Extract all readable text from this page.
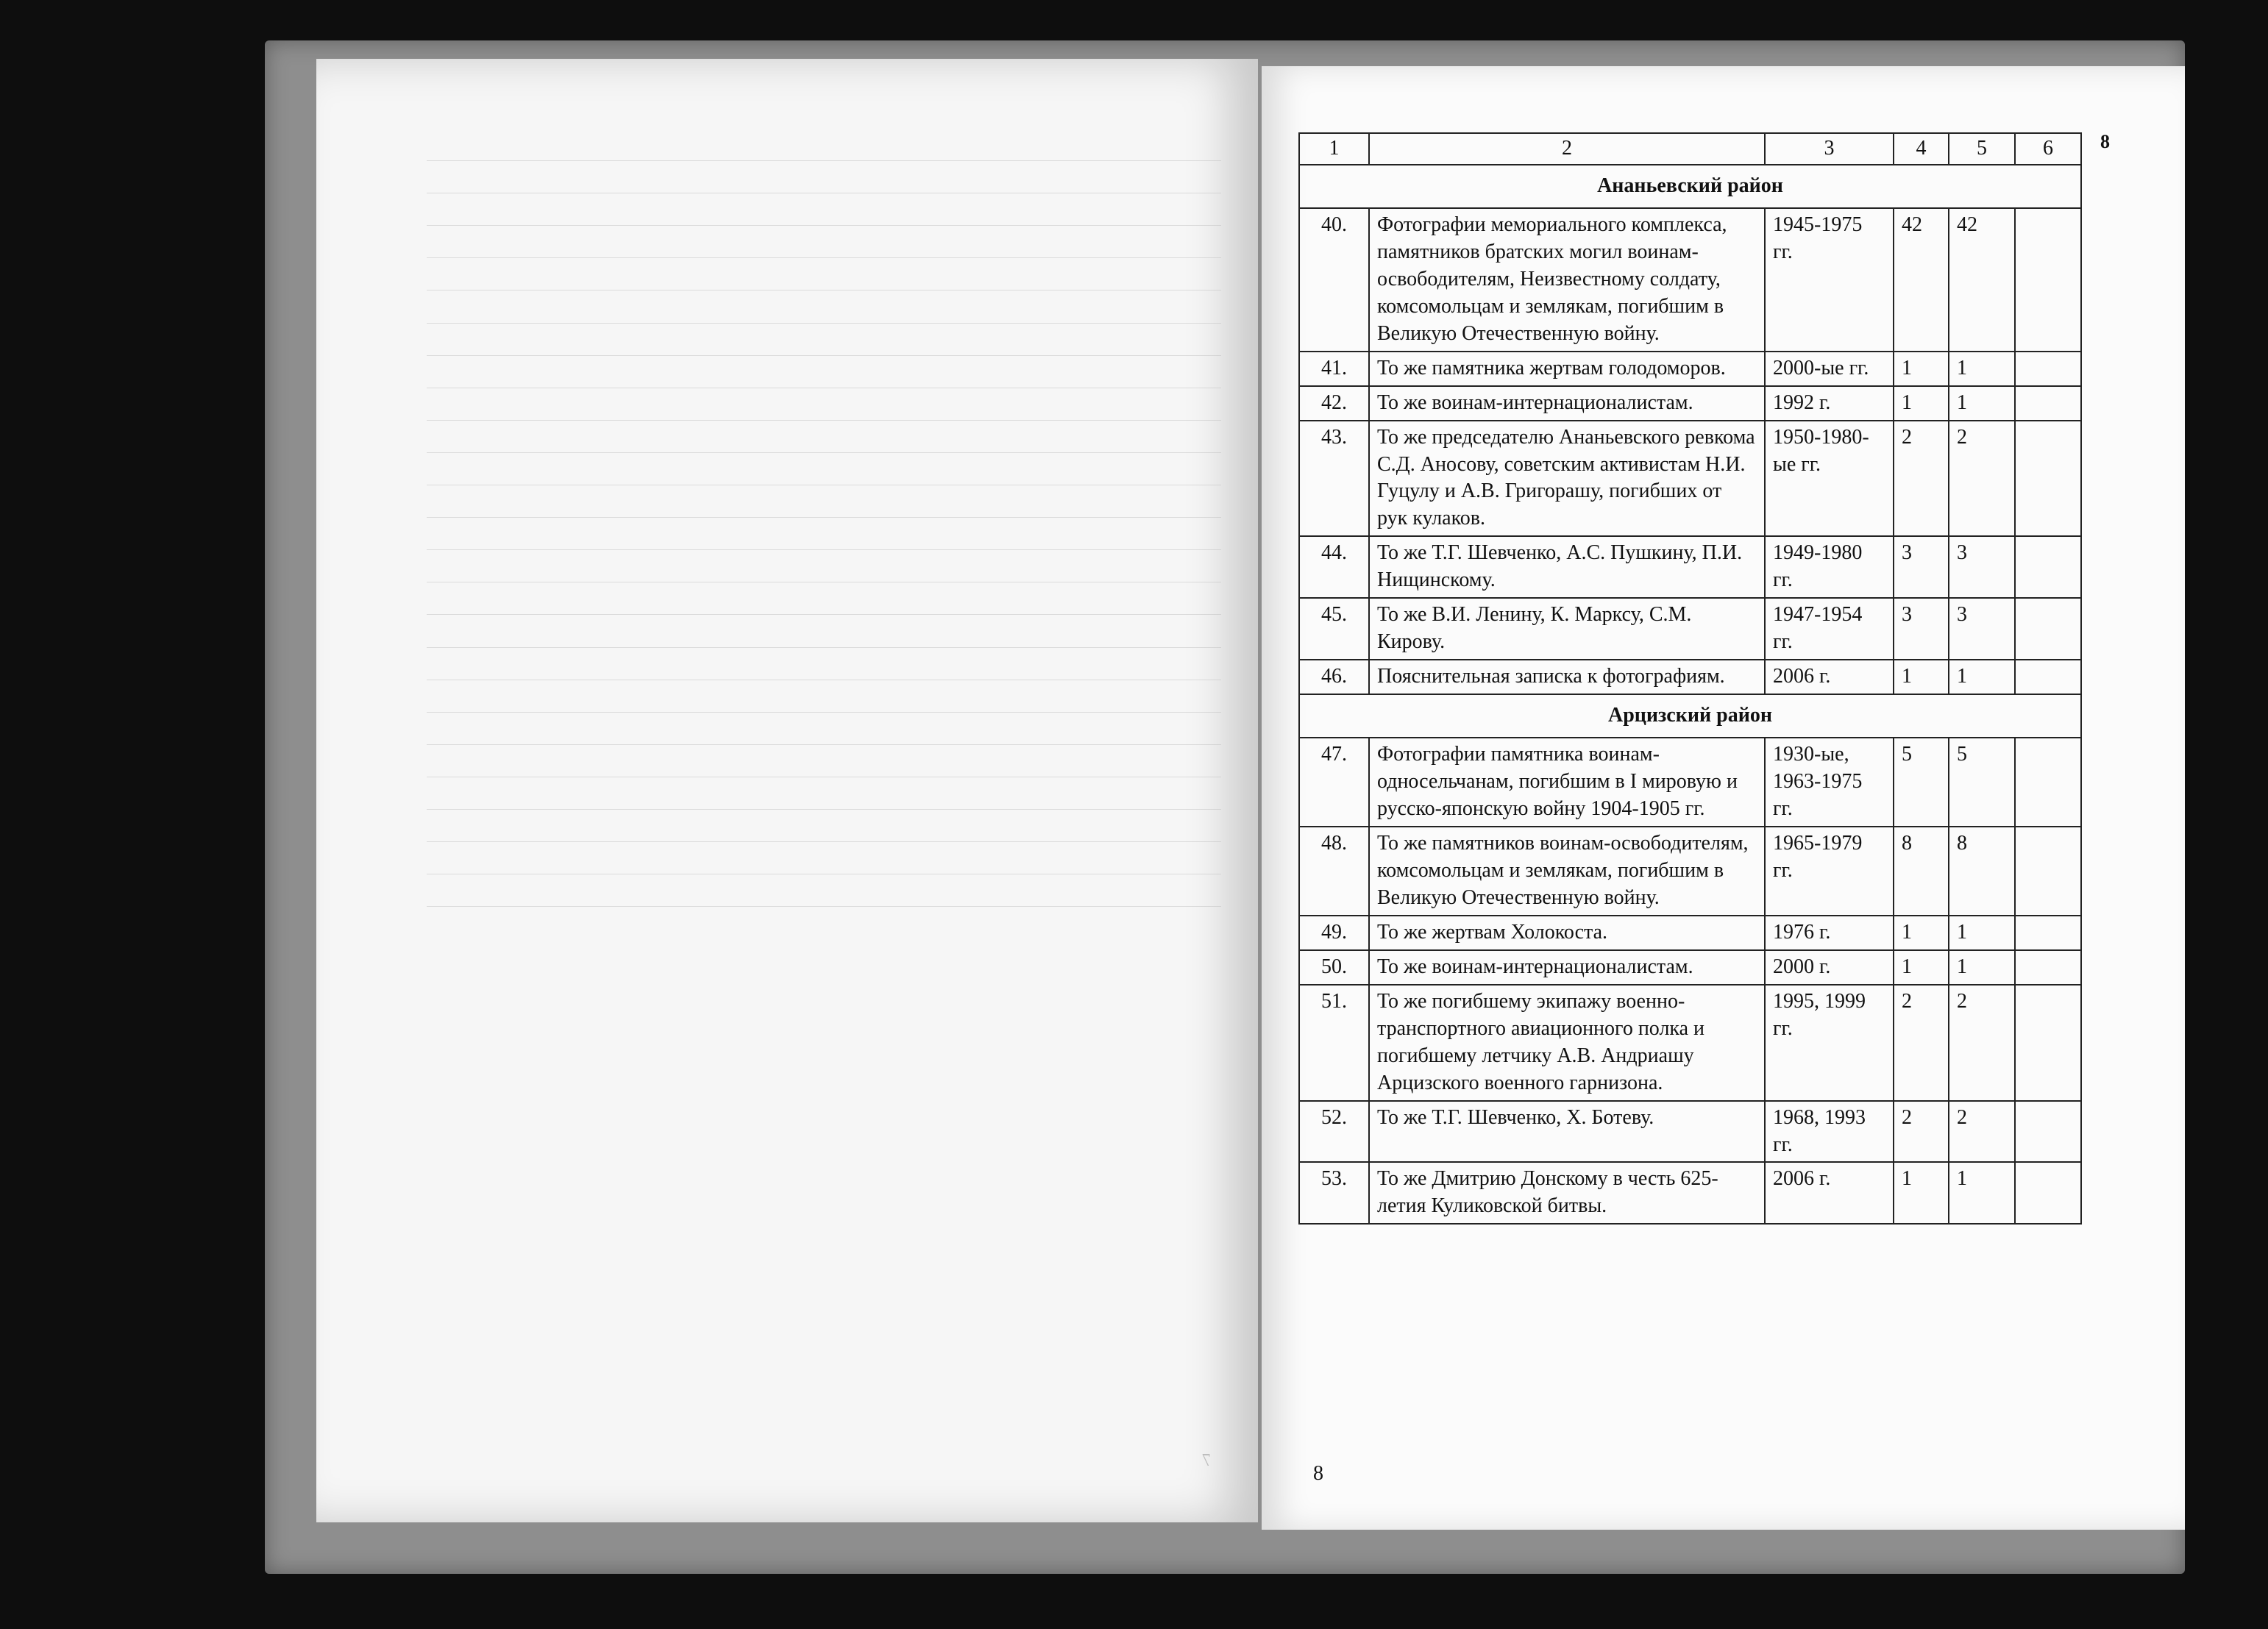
7
8
1	2	3	4	5	6
Ананьевский район					
40.	Фотографии мемориального комплекса, памятников братских могил воинам-освободителям, Неизвестному солдату, комсомольцам и землякам, погибшим в Великую Отечественную войну.	1945-1975 гг.	42	42	
41.	То же памятника жертвам голодоморов.	2000-ые гг.	1	1	
42.	То же воинам-интернационалистам.	1992 г.	1	1	
43.	То же председателю Ананьевского ревкома С.Д. Аносову, советским активистам Н.И. Гуцулу и А.В. Григорашу, погибших от рук кулаков.	1950-1980-ые гг.	2	2	
44.	То же Т.Г. Шевченко, А.С. Пушкину, П.И. Нищинскому.	1949-1980 гг.	3	3	
45.	То же В.И. Ленину, К. Марксу, С.М. Кирову.	1947-1954 гг.	3	3	
46.	Пояснительная записка к фотографиям.	2006 г.	1	1	
Арцизский район					
47.	Фотографии памятника воинам-односельчанам, погибшим в I мировую и русско-японскую войну 1904-1905 гг.	1930-ые, 1963-1975 гг.	5	5	
48.	То же памятников воинам-освободителям, комсомольцам и землякам, погибшим в Великую Отечественную войну.	1965-1979 гг.	8	8	
49.	То же жертвам Холокоста.	1976 г.	1	1	
50.	То же воинам-интернационалистам.	2000 г.	1	1	
51.	То же погибшему экипажу военно-транспортного авиационного полка и погибшему летчику А.В. Андриашу Арцизского военного гарнизона.	1995, 1999 гг.	2	2	
52.	То же Т.Г. Шевченко, Х. Ботеву.	1968, 1993 гг.	2	2	
53.	То же Дмитрию Донскому в честь 625-летия Куликовской битвы.	2006 г.	1	1	
8
